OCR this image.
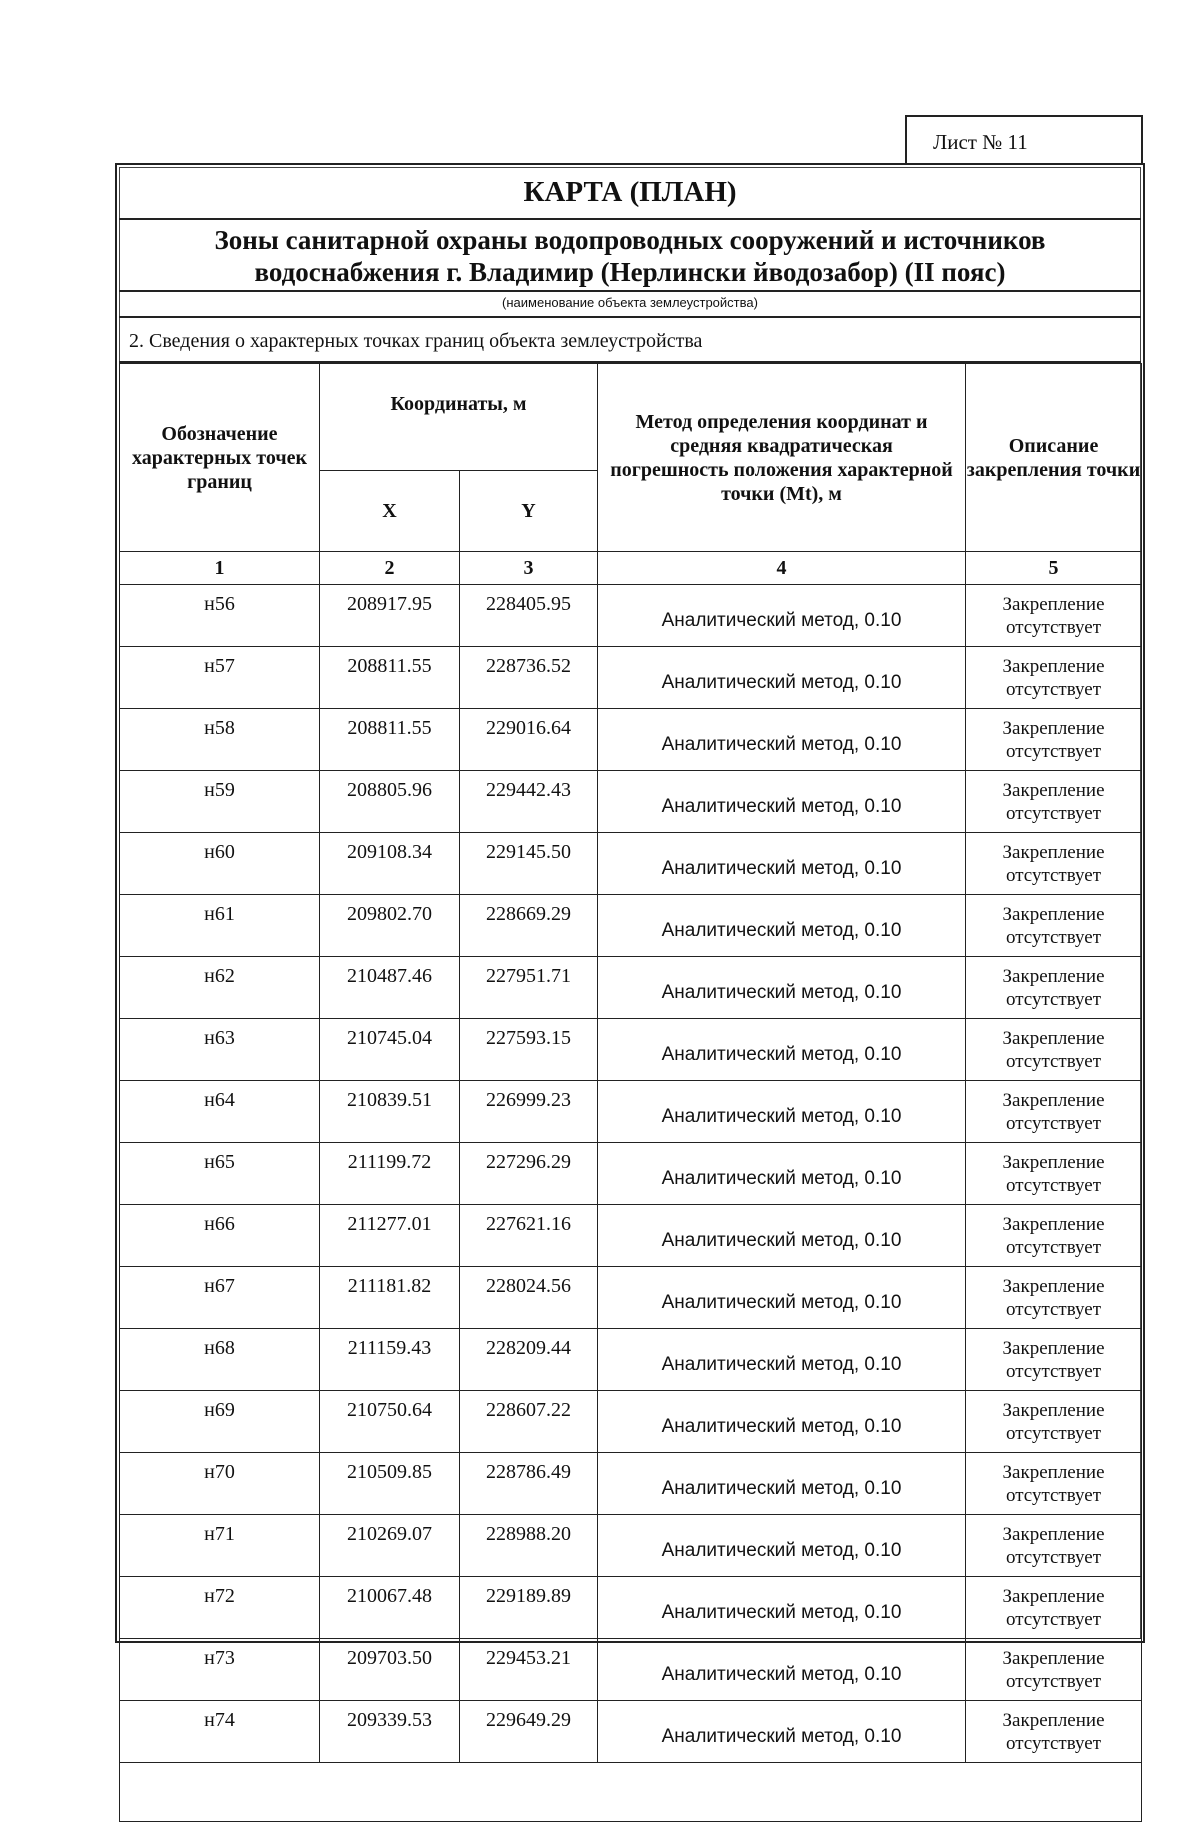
Лист № 11
КАРТА (ПЛАН)
Зоны санитарной охраны водопроводных сооружений и источников
водоснабжения г. Владимир (Нерлински йводозабор) (II пояс)
(наименование объекта землеустройства)
2. Сведения о характерных точках границ объекта землеустройства
Обозначение характерных точек границ	Координаты, м		Метод определения координат и средняя квадратическая погрешность положения характерной точки (Mt), м	Описание закрепления точки
	X	Y		
1	2	3	4	5
н56	208917.95	228405.95	Аналитический метод, 0.10	Закрепление отсутствует
н57	208811.55	228736.52	Аналитический метод, 0.10	Закрепление отсутствует
н58	208811.55	229016.64	Аналитический метод, 0.10	Закрепление отсутствует
н59	208805.96	229442.43	Аналитический метод, 0.10	Закрепление отсутствует
н60	209108.34	229145.50	Аналитический метод, 0.10	Закрепление отсутствует
н61	209802.70	228669.29	Аналитический метод, 0.10	Закрепление отсутствует
н62	210487.46	227951.71	Аналитический метод, 0.10	Закрепление отсутствует
н63	210745.04	227593.15	Аналитический метод, 0.10	Закрепление отсутствует
н64	210839.51	226999.23	Аналитический метод, 0.10	Закрепление отсутствует
н65	211199.72	227296.29	Аналитический метод, 0.10	Закрепление отсутствует
н66	211277.01	227621.16	Аналитический метод, 0.10	Закрепление отсутствует
н67	211181.82	228024.56	Аналитический метод, 0.10	Закрепление отсутствует
н68	211159.43	228209.44	Аналитический метод, 0.10	Закрепление отсутствует
н69	210750.64	228607.22	Аналитический метод, 0.10	Закрепление отсутствует
н70	210509.85	228786.49	Аналитический метод, 0.10	Закрепление отсутствует
н71	210269.07	228988.20	Аналитический метод, 0.10	Закрепление отсутствует
н72	210067.48	229189.89	Аналитический метод, 0.10	Закрепление отсутствует
н73	209703.50	229453.21	Аналитический метод, 0.10	Закрепление отсутствует
н74	209339.53	229649.29	Аналитический метод, 0.10	Закрепление отсутствует
